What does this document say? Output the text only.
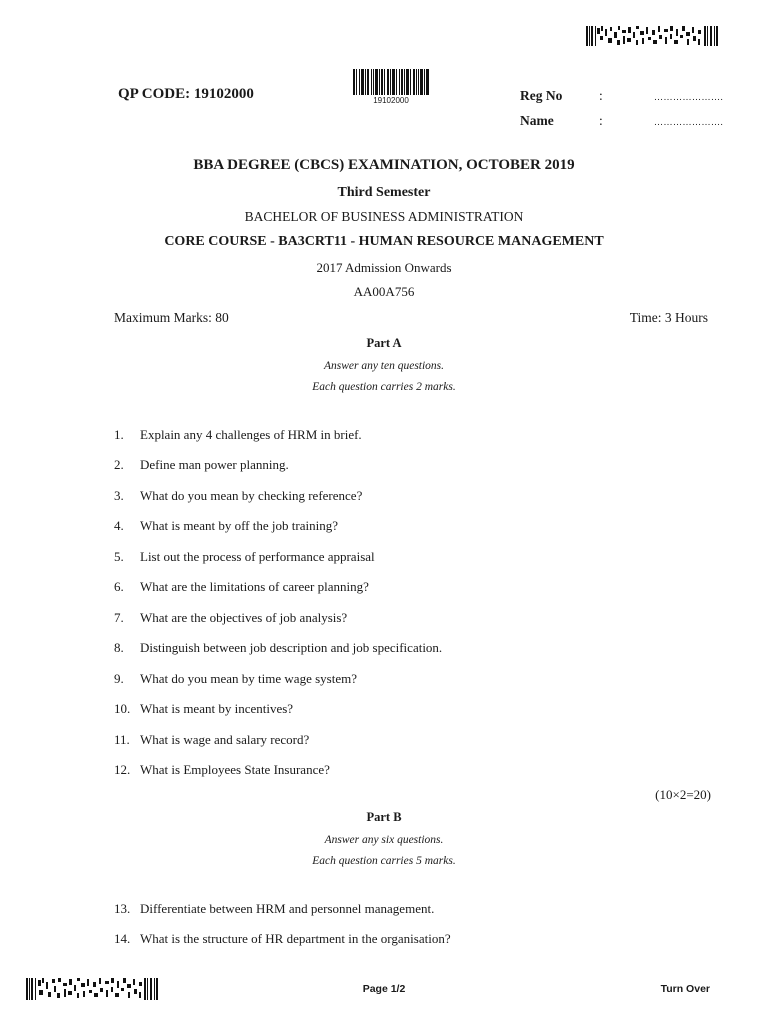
19102000
QP CODE: 19102000	Reg No	:	………………….
Name	:	………………….
BBA DEGREE (CBCS) EXAMINATION, OCTOBER 2019
Third Semester
BACHELOR OF BUSINESS ADMINISTRATION
CORE COURSE - BA3CRT11 - HUMAN RESOURCE MANAGEMENT
2017 Admission Onwards
AA00A756
Maximum Marks: 80	Time: 3 Hours
Part A
Answer any ten questions.
Each question carries 2 marks.
1. Explain any 4 challenges of HRM in brief.
2. Define man power planning.
3. What do you mean by checking reference?
4. What is meant by off the job training?
5. List out the process of performance appraisal
6. What are the limitations of career planning?
7. What are the objectives of job analysis?
8. Distinguish between job description and job specification.
9. What do you mean by time wage system?
10. What is meant by incentives?
11. What is wage and salary record?
12. What is Employees State Insurance?
(10×2=20)
Part B
Answer any six questions.
Each question carries 5 marks.
13. Differentiate between HRM and personnel management.
14. What is the structure of HR department in the organisation?
Page 1/2	Turn Over
